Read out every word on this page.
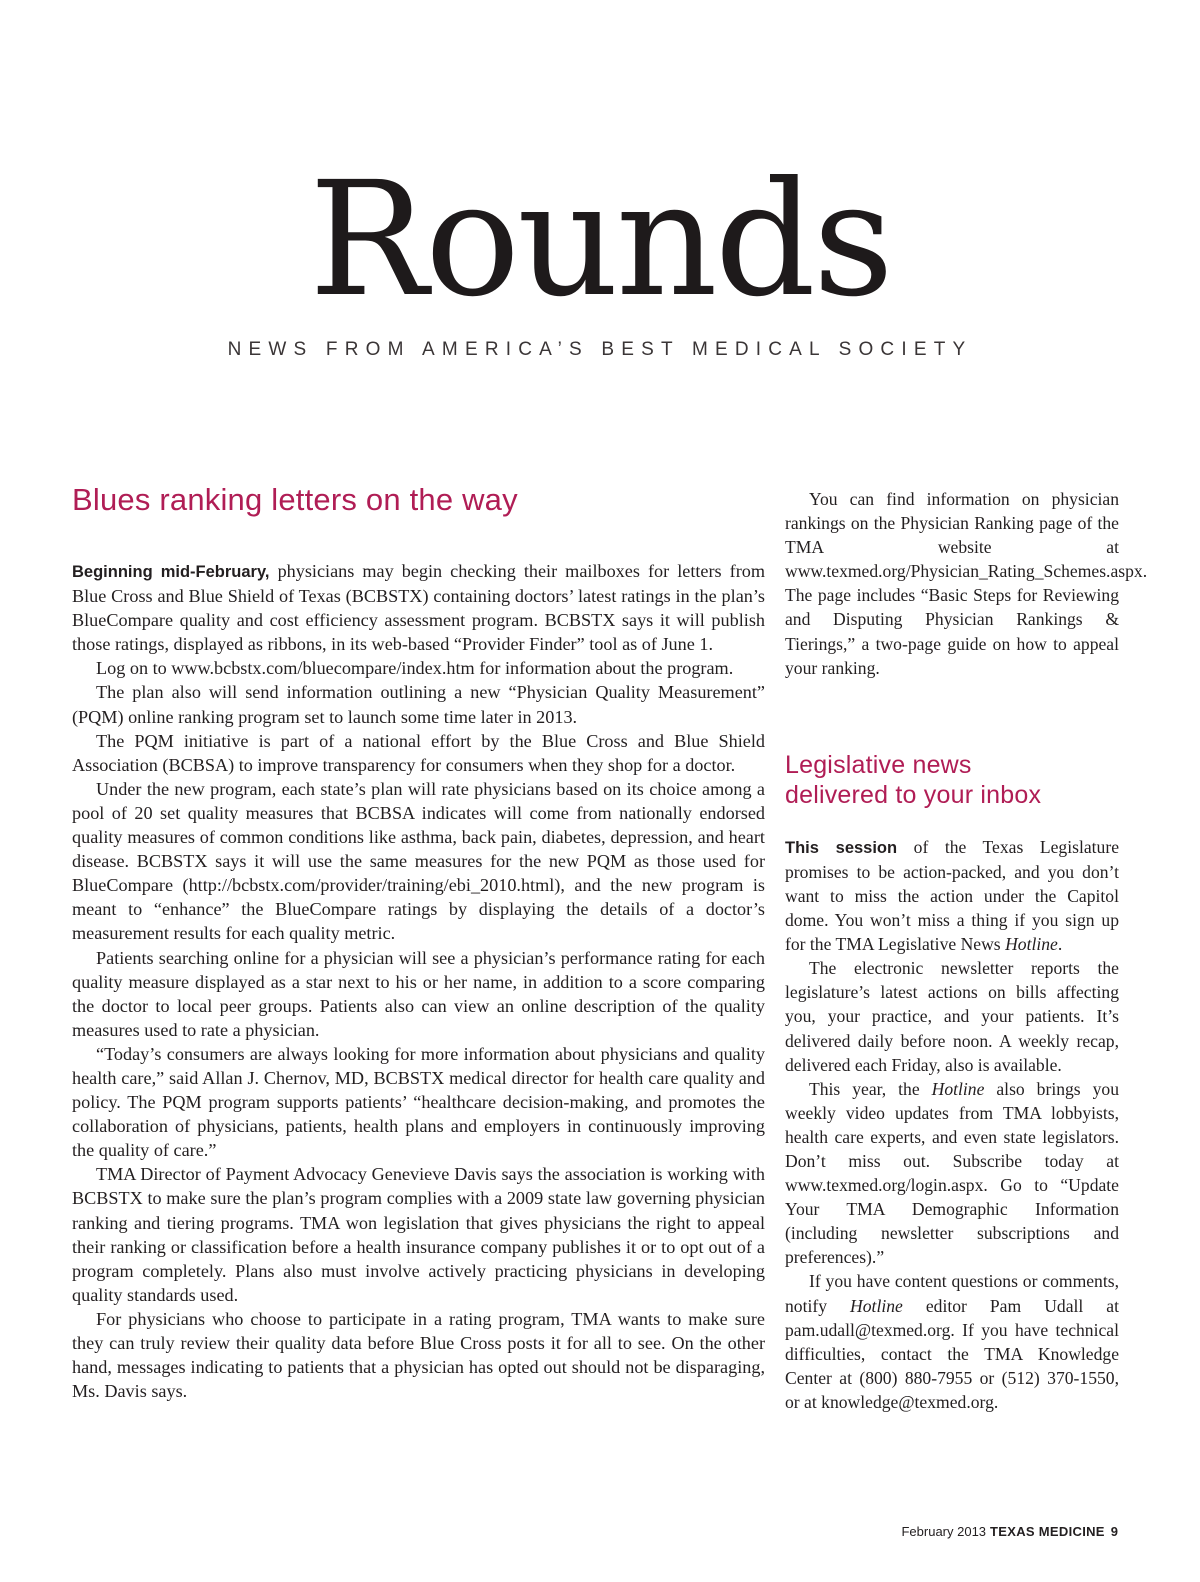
Rounds
NEWS FROM AMERICA’S BEST MEDICAL SOCIETY
Blues ranking letters on the way

Beginning mid-February, physicians may begin checking their mailboxes for letters from Blue Cross and Blue Shield of Texas (BCBSTX) containing doctors’ latest ratings in the plan’s BlueCompare quality and cost efficiency assessment program. BCBSTX says it will publish those ratings, displayed as ribbons, in its web-based “Provider Finder” tool as of June 1.

Log on to www.bcbstx.com/bluecompare/index.htm for information about the program.

The plan also will send information outlining a new “Physician Quality Measurement” (PQM) online ranking program set to launch some time later in 2013.

The PQM initiative is part of a national effort by the Blue Cross and Blue Shield Association (BCBSA) to improve transparency for consumers when they shop for a doctor.

Under the new program, each state’s plan will rate physicians based on its choice among a pool of 20 set quality measures that BCBSA indicates will come from nationally endorsed quality measures of common conditions like asthma, back pain, diabetes, depression, and heart disease. BCBSTX says it will use the same measures for the new PQM as those used for BlueCompare (http://bcbstx.com/provider/training/ebi_2010.html), and the new program is meant to “enhance” the BlueCompare ratings by displaying the details of a doctor’s measurement results for each quality metric.

Patients searching online for a physician will see a physician’s performance rating for each quality measure displayed as a star next to his or her name, in addition to a score comparing the doctor to local peer groups. Patients also can view an online description of the quality measures used to rate a physician.

“Today’s consumers are always looking for more information about physicians and quality health care,” said Allan J. Chernov, MD, BCBSTX medical director for health care quality and policy. The PQM program supports patients’ “healthcare decision-making, and promotes the collaboration of physicians, patients, health plans and employers in continuously improving the quality of care.”

TMA Director of Payment Advocacy Genevieve Davis says the association is working with BCBSTX to make sure the plan’s program complies with a 2009 state law governing physician ranking and tiering programs. TMA won legislation that gives physicians the right to appeal their ranking or classification before a health insurance company publishes it or to opt out of a program completely. Plans also must involve actively practicing physicians in developing quality standards used.

For physicians who choose to participate in a rating program, TMA wants to make sure they can truly review their quality data before Blue Cross posts it for all to see. On the other hand, messages indicating to patients that a physician has opted out should not be disparaging, Ms. Davis says.

You can find information on physician rankings on the Physician Ranking page of the TMA website at www.texmed.org/Physician_Rating_Schemes.aspx. The page includes “Basic Steps for Reviewing and Disputing Physician Rankings & Tierings,” a two-page guide on how to appeal your ranking.

Legislative news
delivered to your inbox

This session of the Texas Legislature promises to be action-packed, and you don’t want to miss the action under the Capitol dome. You won’t miss a thing if you sign up for the TMA Legislative News Hotline.

The electronic newsletter reports the legislature’s latest actions on bills affecting you, your practice, and your patients. It’s delivered daily before noon. A weekly recap, delivered each Friday, also is available.

This year, the Hotline also brings you weekly video updates from TMA lobbyists, health care experts, and even state legislators. Don’t miss out. Subscribe today at www.texmed.org/login.aspx. Go to “Update Your TMA Demographic Information (including newsletter subscriptions and preferences).”

If you have content questions or comments, notify Hotline editor Pam Udall at pam.udall@texmed.org. If you have technical difficulties, contact the TMA Knowledge Center at (800) 880-7955 or (512) 370-1550, or at knowledge@texmed.org.

February 2013 TEXAS MEDICINE 9
